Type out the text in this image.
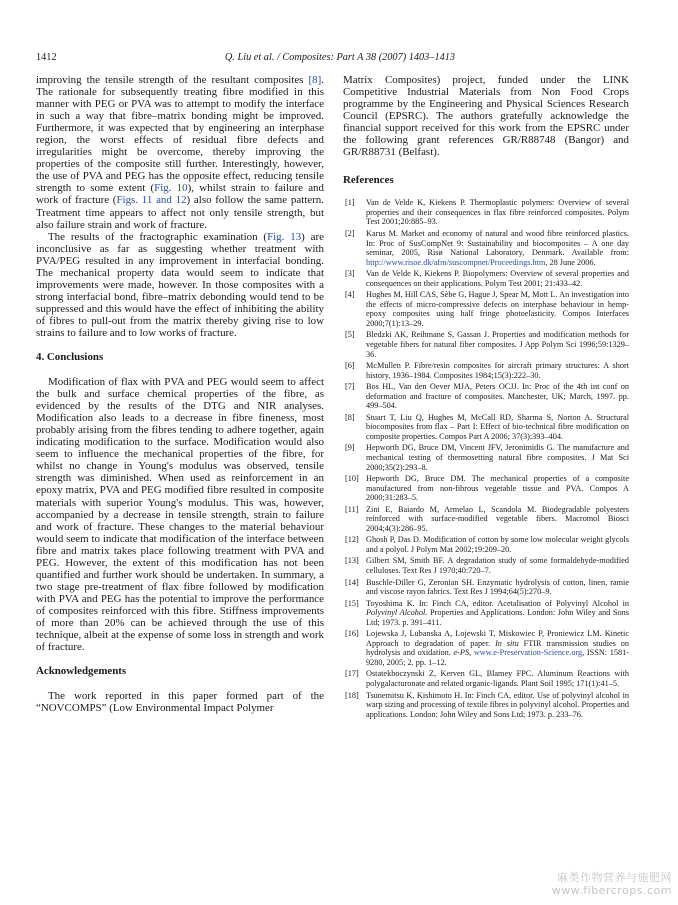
1412	Q. Liu et al. / Composites: Part A 38 (2007) 1403–1413

improving the tensile strength of the resultant composites [8]. The rationale for subsequently treating fibre modified in this manner with PEG or PVA was to attempt to modify the interface in such a way that fibre–matrix bonding might be improved. Furthermore, it was expected that by engineering an interphase region, the worst effects of residual fibre defects and irregularities might be overcome, thereby improving the properties of the composite still further. Interestingly, however, the use of PVA and PEG has the opposite effect, reducing tensile strength to some extent (Fig. 10), whilst strain to failure and work of fracture (Figs. 11 and 12) also follow the same pattern. Treatment time appears to affect not only tensile strength, but also failure strain and work of fracture.

The results of the fractographic examination (Fig. 13) are inconclusive as far as suggesting whether treatment with PVA/PEG resulted in any improvement in interfacial bonding. The mechanical property data would seem to indicate that improvements were made, however. In those composites with a strong interfacial bond, fibre–matrix debonding would tend to be suppressed and this would have the effect of inhibiting the ability of fibres to pull-out from the matrix thereby giving rise to low strains to failure and to low works of fracture.

4. Conclusions

Modification of flax with PVA and PEG would seem to affect the bulk and surface chemical properties of the fibre, as evidenced by the results of the DTG and NIR analyses. Modification also leads to a decrease in fibre fineness, most probably arising from the fibres tending to adhere together, again indicating modification to the surface. Modification would also seem to influence the mechanical properties of the fibre, for whilst no change in Young's modulus was observed, tensile strength was diminished. When used as reinforcement in an epoxy matrix, PVA and PEG modified fibre resulted in composite materials with superior Young's modulus. This was, however, accompanied by a decrease in tensile strength, strain to failure and work of fracture. These changes to the material behaviour would seem to indicate that modification of the interface between fibre and matrix takes place following treatment with PVA and PEG. However, the extent of this modification has not been quantified and further work should be undertaken. In summary, a two stage pre-treatment of flax fibre followed by modification with PVA and PEG has the potential to improve the performance of composites reinforced with this fibre. Stiffness improvements of more than 20% can be achieved through the use of this technique, albeit at the expense of some loss in strength and work of fracture.

Acknowledgements

The work reported in this paper formed part of the “NOVCOMPS” (Low Environmental Impact Polymer

Matrix Composites) project, funded under the LINK Competitive Industrial Materials from Non Food Crops programme by the Engineering and Physical Sciences Research Council (EPSRC). The authors gratefully acknowledge the financial support received for this work from the EPSRC under the following grant references GR/R88748 (Bangor) and GR/R88731 (Belfast).

References

[1] Van de Velde K, Kiekens P. Thermoplastic polymers: Overview of several properties and their consequences in flax fibre reinforced composites. Polym Test 2001;20:885–93.

[2] Karus M. Market and economy of natural and wood fibre reinforced plastics. In: Proc of SusCompNet 9: Sustainability and biocomposites – A one day seminar, 2005, Risø National Laboratory, Denmark. Available from: http://www.risoe.dk/afm/suscompnet/Proceedings.htm, 28 June 2006.

[3] Van de Velde K, Kiekens P. Biopolymers: Overview of several properties and consequences on their applications. Polym Test 2001; 21:433–42.

[4] Hughes M, Hill CAS, Sèbe G, Hague J, Spear M, Mott L. An investigation into the effects of micro-compressive defects on interphase behaviour in hemp-epoxy composites using half fringe photoelasticity. Compos Interfaces 2000;7(1):13–29.

[5] Bledzki AK, Reihmane S, Gassan J. Properties and modification methods for vegetable fibers for natural fiber composites. J App Polym Sci 1996;59:1329–36.

[6] McMullen P. Fibre/resin composites for aircraft primary structures: A short history, 1936–1984. Composites 1984;15(3):222–30.

[7] Bos HL, Van den Oever MJA, Peters OCJJ. In: Proc of the 4th int conf on deformation and fracture of composites. Manchester, UK; March, 1997. pp. 499–504.

[8] Stuart T, Liu Q, Hughes M, McCall RD, Sharma S, Norton A. Structural biocomposites from flax – Part I: Effect of bio-technical fibre modification on composite properties. Compos Part A 2006; 37(3):393–404.

[9] Hepworth DG, Bruce DM, Vincent JFV, Jeronimidis G. The manufacture and mechanical testing of thermosetting natural fibre composites. J Mat Sci 2000;35(2):293–8.

[10] Hepworth DG, Bruce DM. The mechanical properties of a composite manufactured from non-fibrous vegetable tissue and PVA. Compos A 2000;31:283–5.

[11] Zini E, Baiardo M, Armelao L, Scandola M. Biodegradable polyesters reinforced with surface-modified vegetable fibers. Macromol Biosci 2004;4(3):286–95.

[12] Ghosh P, Das D. Modification of cotton by some low molecular weight glycols and a polyol. J Polym Mat 2002;19:209–20.

[13] Gilbert SM, Smith BF. A degradation study of some formaldehyde-modified celluloses. Text Res J 1970;40:720–7.

[14] Buschle-Diller G, Zeronian SH. Enzymatic hydrolysis of cotton, linen, ramie and viscose rayon fabrics. Text Res J 1994;64(5):270–9.

[15] Toyoshima K. In: Finch CA, editor. Acetalisation of Polyvinyl Alcohol in Polyvinyl Alcohol. Properties and Applications. London: John Wiley and Sons Ltd; 1973. p. 391–411.

[16] Lojewska J, Lubanska A, Lojewski T, Miskowiec P, Proniewicz LM. Kinetic Approach to degradation of paper. In situ FTIR transmission studies on hydrolysis and oxidation. e-PS, www.e-Preservation-Science.org, ISSN: 1581-9280, 2005; 2. pp. 1–12.

[17] Ostatekboczynski Z, Kerven GL, Blamey FPC. Aluminum Reactions with polygalacturonate and related organic-ligands. Plant Soil 1995; 171(1):41–5.

[18] Tsunemitsu K, Kishimoto H. In: Finch CA, editor. Use of polyvinyl alcohol in warp sizing and processing of textile fibres in polyvinyl alcohol. Properties and applications. London: John Wiley and Sons Ltd; 1973. p. 233–76.

麻类作物营养与施肥网
www.fibercrops.com
